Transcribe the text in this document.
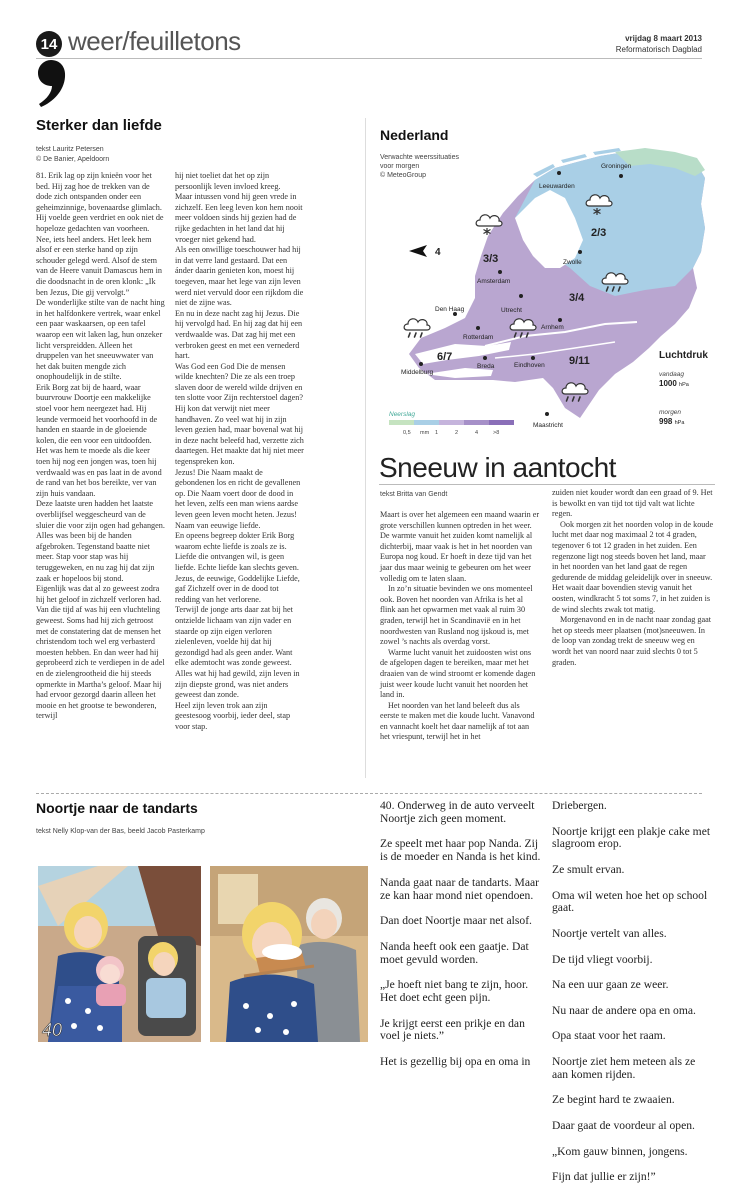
14 weer/feuilletons	vrijdag 8 maart 2013
Reformatorisch Dagblad
Sterker dan liefde
tekst Lauritz Petersen
© De Banier, Apeldoorn

81. Erik lag op zijn knieën voor het bed. Hij zag hoe de trekken van de dode zich ontspanden onder een geheimzinnige, bovenaardse glimlach.

Hij voelde geen verdriet en ook niet de hopeloze gedachten van voorheen.

Nee, iets heel anders. Het leek hem alsof er een sterke hand op zijn schouder gelegd werd. Alsof de stem van de Heere vanuit Damascus hem in die doodsnacht in de oren klonk: „Ik ben Jezus, Die gij vervolgt.”

De wonderlijke stilte van de nacht hing in het halfdonkere vertrek, waar enkel een paar waskaarsen, op een tafel waarop een wit laken lag, hun onzeker licht verspreidden. Alleen het druppelen van het sneeuwwater van het dak buiten mengde zich onophoudelijk in de stilte.

Erik Borg zat bij de haard, waar buurvrouw Doortje een makkelijke stoel voor hem neergezet had. Hij leunde vermoeid het voorhoofd in de handen en staarde in de gloeiende kolen, die een voor een uitdoofden.

Het was hem te moede als die keer toen hij nog een jongen was, toen hij verdwaald was en pas laat in de avond de rand van het bos bereikte, ver van zijn huis vandaan.

Deze laatste uren hadden het laatste overblijfsel weggescheurd van de sluier die voor zijn ogen had gehangen. Alles was been bij de handen afgebroken. Tegenstand baatte niet meer. Stap voor stap was hij teruggeweken, en nu zag hij dat zijn zaak er hopeloos bij stond.

Eigenlijk was dat al zo geweest zodra hij het geloof in zichzelf verloren had. Van die tijd af was hij een vluchteling geweest. Soms had hij zich getroost met de constatering dat de mensen het christendom toch wel erg verbasterd moesten hebben. En dan weer had hij geprobeerd zich te verdiepen in de adel en de zielengrootheid die hij steeds opmerkte in Martha’s geloof. Maar hij had ervoor gezorgd daarin alleen het mooie en het grootse te bewonderen, terwijl

hij niet toeliet dat het op zijn persoonlijk leven invloed kreeg.

Maar intussen vond hij geen vrede in zichzelf. Een leeg leven kon hem nooit meer voldoen sinds hij gezien had de rijke gedachten in het land dat hij vroeger niet gekend had.

Als een onwillige toeschouwer had hij in dat verre land gestaard. Dat een ánder daarin genieten kon, moest hij toegeven, maar het lege van zijn leven werd niet vervuld door een rijkdom die niet de zijne was.

En nu in deze nacht zag hij Jezus. Die hij vervolgd had. En hij zag dat hij een verdwaalde was. Dat zag hij met een verbroken geest en met een vernederd hart.

Was God een God Die de mensen wilde knechten? Die ze als een troep slaven door de wereld wilde drijven en ten slotte voor Zijn rechterstoel dagen?

Hij kon dat verwijt niet meer handhaven. Zo veel wat hij in zijn leven gezien had, maar bovenal wat hij in deze nacht beleefd had, verzette zich daartegen. Het maakte dat hij niet meer tegenspreken kon.

Jezus! Die Naam maakt de gebondenen los en richt de gevallenen op. Die Naam voert door de dood in het leven, zelfs een man wiens aardse leven geen leven mocht heten. Jezus! Naam van eeuwige liefde.

En opeens begreep dokter Erik Borg waarom echte liefde is zoals ze is. Liefde die ontvangen wil, is geen liefde. Echte liefde kan slechts geven. Jezus, de eeuwige, Goddelijke Liefde, gaf Zichzelf over in de dood tot redding van het verlorene.

Terwijl de jonge arts daar zat bij het ontzielde lichaam van zijn vader en staarde op zijn eigen verloren zielenleven, voelde hij dat hij gezondigd had als geen ander. Want elke ademtocht was zonde geweest. Alles wat hij had gewild, zijn leven in zijn diepste grond, was niet anders geweest dan zonde.

Heel zijn leven trok aan zijn geestesoog voorbij, ieder deel, stap voor stap.

Nederland
Verwachte weerssituaties
voor morgen
© MeteoGroup
Leeuwarden
Groningen
Zwolle
Amsterdam
Den Haag	Utrecht
Rotterdam
Arnhem
Eindhoven
Breda
Middelburg
Maastricht
3/3
2/3
3/4
6/7	9/11
4
Neerslag
0,5 mm 1	2	4	>8
Luchtdruk
vandaag
1000 hPa
morgen
998 hPa
Sneeuw in aantocht
tekst Britta van Gendt

Maart is over het algemeen een maand waarin er grote verschillen kunnen optreden in het weer. De warmte vanuit het zuiden komt namelijk al dichterbij, maar vaak is het in het noorden van Europa nog koud. Er hoeft in deze tijd van het jaar dus maar weinig te gebeuren om het weer volledig om te laten slaan.

In zo’n situatie bevinden we ons momenteel ook. Boven het noorden van Afrika is het al flink aan het opwarmen met vaak al ruim 30 graden, terwijl het in Scandinavië en in het noordwesten van Rusland nog ijskoud is, met zowel ’s nachts als overdag vorst.

Warme lucht vanuit het zuidoosten wist ons de afgelopen dagen te bereiken, maar met het draaien van de wind stroomt er komende dagen juist weer koude lucht vanuit het noorden het land in.

Het noorden van het land beleeft dus als eerste te maken met die koude lucht. Vanavond en vannacht koelt het daar namelijk af tot aan het vriespunt, terwijl het in het

zuiden niet kouder wordt dan een graad of 9. Het is bewolkt en van tijd tot tijd valt wat lichte regen.

Ook morgen zit het noorden volop in de koude lucht met daar nog maximaal 2 tot 4 graden, tegenover 6 tot 12 graden in het zuiden. Een regenzone ligt nog steeds boven het land, maar in het noorden van het land gaat de regen gedurende de middag geleidelijk over in sneeuw. Het waait daar bovendien stevig vanuit het oosten, windkracht 5 tot soms 7, in het zuiden is de wind slechts zwak tot matig.

Morgenavond en in de nacht naar zondag gaat het op steeds meer plaatsen (mot)sneeuwen. In de loop van zondag trekt de sneeuw weg en wordt het van noord naar zuid slechts 0 tot 5 graden.

Noortje naar de tandarts
tekst Nelly Klop-van der Bas, beeld Jacob Pasterkamp
40

40. Onderweg in de auto verveelt Noortje zich geen moment.

Ze speelt met haar pop Nanda. Zij is de moeder en Nanda is het kind.

Nanda gaat naar de tandarts. Maar ze kan haar mond niet opendoen.

Dan doet Noortje maar net alsof.

Nanda heeft ook een gaatje. Dat moet gevuld worden.

„Je hoeft niet bang te zijn, hoor. Het doet echt geen pijn.

Je krijgt eerst een prikje en dan voel je niets.”

Het is gezellig bij opa en oma in

Driebergen.

Noortje krijgt een plakje cake met slagroom erop.

Ze smult ervan.

Oma wil weten hoe het op school gaat.

Noortje vertelt van alles.

De tijd vliegt voorbij.

Na een uur gaan ze weer.

Nu naar de andere opa en oma.

Opa staat voor het raam.

Noortje ziet hem meteen als ze aan komen rijden.

Ze begint hard te zwaaien.

Daar gaat de voordeur al open.

„Kom gauw binnen, jongens.

Fijn dat jullie er zijn!”
